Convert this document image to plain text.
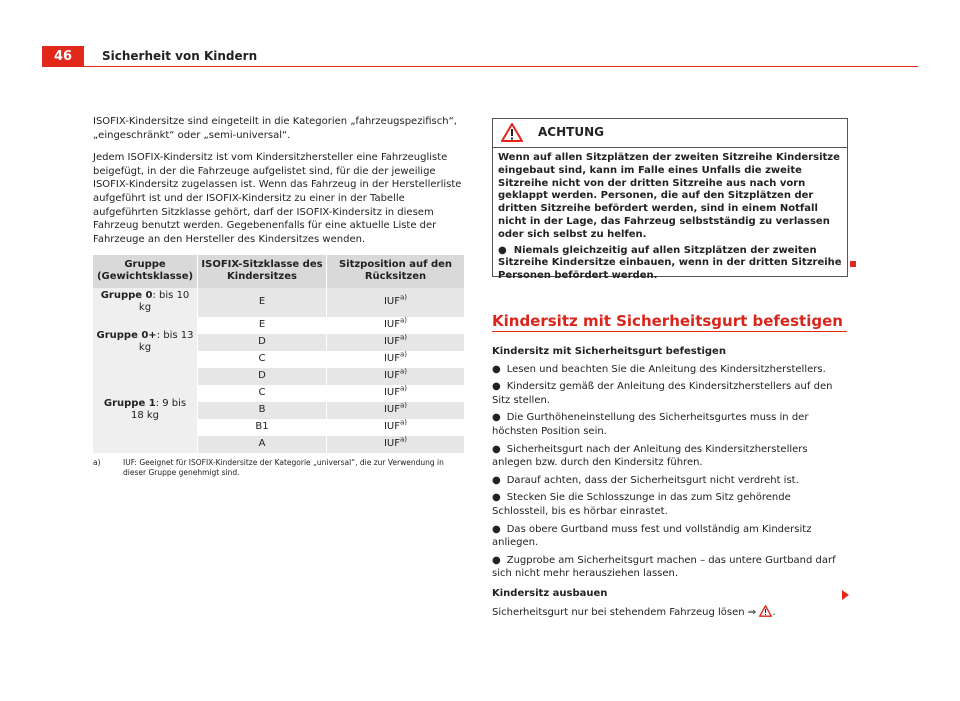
46	Sicherheit von Kindern

ISOFIX-Kindersitze sind eingeteilt in die Kategorien „fahrzeugspezifisch“, „eingeschränkt“ oder „semi-universal“.

Jedem ISOFIX-Kindersitz ist vom Kindersitzhersteller eine Fahrzeugliste beigefügt, in der die Fahrzeuge aufgelistet sind, für die der jeweilige ISOFIX-Kindersitz zugelassen ist. Wenn das Fahrzeug in der Herstellerliste aufgeführt ist und der ISOFIX-Kindersitz zu einer in der Tabelle aufgeführten Sitzklasse gehört, darf der ISOFIX-Kindersitz in diesem Fahrzeug benutzt werden. Gegebenenfalls für eine aktuelle Liste der Fahrzeuge an den Hersteller des Kindersitzes wenden.

Gruppe (Gewichtsklasse)	ISOFIX-Sitzklasse des Kindersitzes	Sitzposition auf den Rücksitzen
Gruppe 0: bis 10 kg	E	IUF$^{a)}$
Gruppe 0+: bis 13 kg	E	IUF$^{a)}$
	D	IUF$^{a)}$
	C	IUF$^{a)}$
Gruppe 1: 9 bis 18 kg	D	IUF$^{a)}$
	C	IUF$^{a)}$
	B	IUF$^{a)}$
	B1	IUF$^{a)}$
	A	IUF$^{a)}$
a)	IUF: Geeignet für ISOFIX-Kindersitze der Kategorie „universal“, die zur Verwendung in dieser Gruppe genehmigt sind.
ACHTUNG

Wenn auf allen Sitzplätzen der zweiten Sitzreihe Kindersitze eingebaut sind, kann im Falle eines Unfalls die zweite Sitzreihe nicht von der dritten Sitzreihe aus nach vorn geklappt werden. Personen, die auf den Sitzplätzen der dritten Sitzreihe befördert werden, sind in einem Notfall nicht in der Lage, das Fahrzeug selbstständig zu verlassen oder sich selbst zu helfen.

● Niemals gleichzeitig auf allen Sitzplätzen der zweiten Sitzreihe Kindersitze einbauen, wenn in der dritten Sitzreihe Personen befördert werden.

Kindersitz mit Sicherheitsgurt befestigen

Kindersitz mit Sicherheitsgurt befestigen

● Lesen und beachten Sie die Anleitung des Kindersitzherstellers.

● Kindersitz gemäß der Anleitung des Kindersitzherstellers auf den Sitz stellen.

● Die Gurthöheneinstellung des Sicherheitsgurtes muss in der höchsten Position sein.

● Sicherheitsgurt nach der Anleitung des Kindersitzherstellers anlegen bzw. durch den Kindersitz führen.

● Darauf achten, dass der Sicherheitsgurt nicht verdreht ist.

● Stecken Sie die Schlosszunge in das zum Sitz gehörende Schlossteil, bis es hörbar einrastet.

● Das obere Gurtband muss fest und vollständig am Kindersitz anliegen.

● Zugprobe am Sicherheitsgurt machen – das untere Gurtband darf sich nicht mehr herausziehen lassen.

Kindersitz ausbauen

Sicherheitsgurt nur bei stehendem Fahrzeug lösen ⇒ .
